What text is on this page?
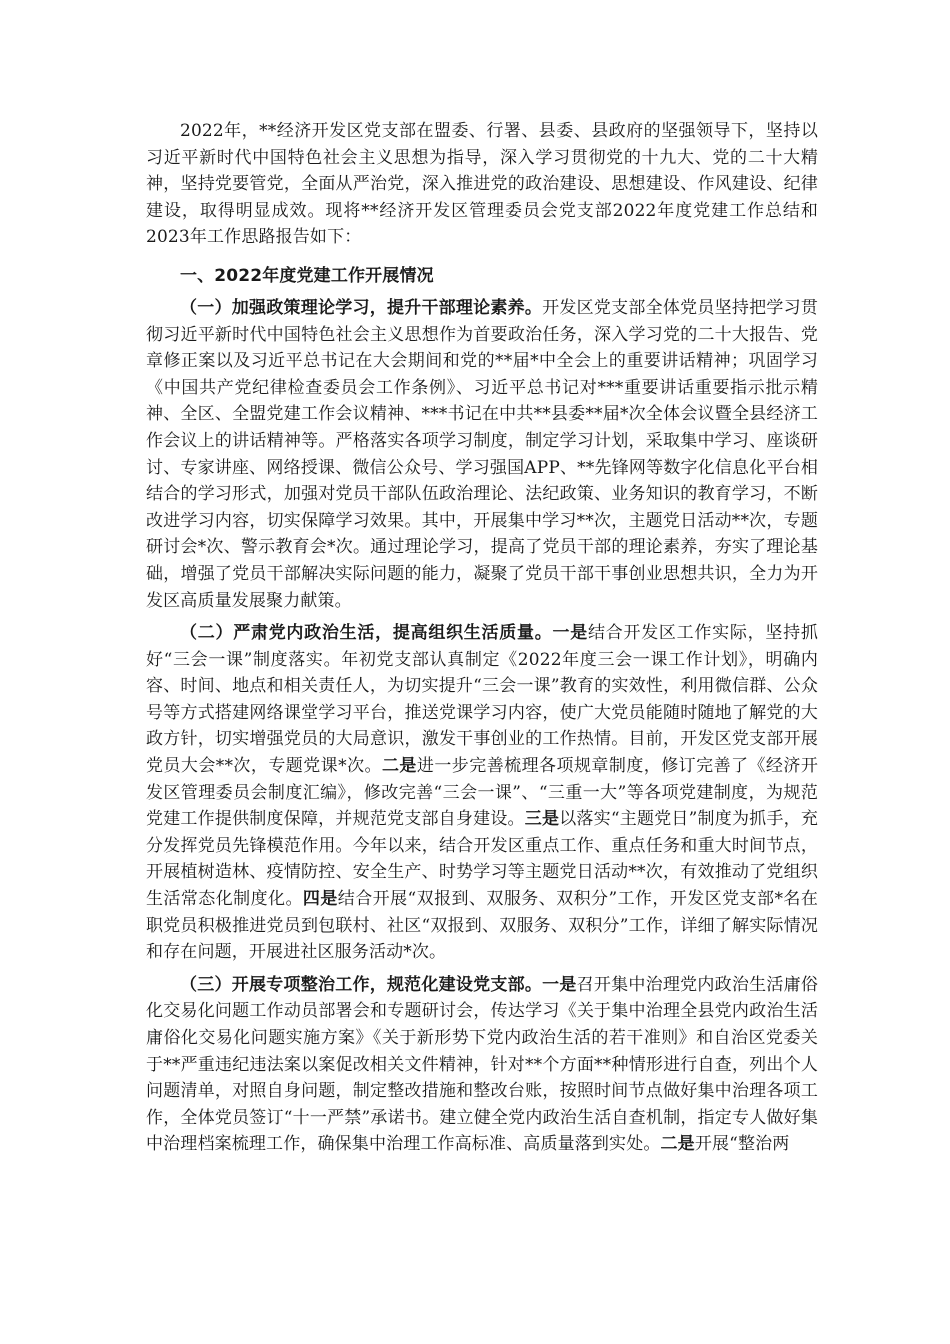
2022年，**经济开发区党支部在盟委、行署、县委、县政府的坚强领导下，坚持以习近平新时代中国特色社会主义思想为指导，深入学习贯彻党的十九大、党的二十大精神，坚持党要管党，全面从严治党，深入推进党的政治建设、思想建设、作风建设、纪律建设，取得明显成效。现将**经济开发区管理委员会党支部2022年度党建工作总结和2023年工作思路报告如下：

一、2022年度党建工作开展情况

（一）加强政策理论学习，提升干部理论素养。开发区党支部全体党员坚持把学习贯彻习近平新时代中国特色社会主义思想作为首要政治任务，深入学习党的二十大报告、党章修正案以及习近平总书记在大会期间和党的**届*中全会上的重要讲话精神；巩固学习《中国共产党纪律检查委员会工作条例》、习近平总书记对***重要讲话重要指示批示精神、全区、全盟党建工作会议精神、***书记在中共**县委**届*次全体会议暨全县经济工作会议上的讲话精神等。严格落实各项学习制度，制定学习计划，采取集中学习、座谈研讨、专家讲座、网络授课、微信公众号、学习强国APP、**先锋网等数字化信息化平台相结合的学习形式，加强对党员干部队伍政治理论、法纪政策、业务知识的教育学习，不断改进学习内容，切实保障学习效果。其中，开展集中学习**次，主题党日活动**次，专题研讨会*次、警示教育会*次。通过理论学习，提高了党员干部的理论素养，夯实了理论基础，增强了党员干部解决实际问题的能力，凝聚了党员干部干事创业思想共识，全力为开发区高质量发展聚力献策。

（二）严肃党内政治生活，提高组织生活质量。一是结合开发区工作实际，坚持抓好“三会一课”制度落实。年初党支部认真制定《2022年度三会一课工作计划》，明确内容、时间、地点和相关责任人，为切实提升“三会一课”教育的实效性，利用微信群、公众号等方式搭建网络课堂学习平台，推送党课学习内容，使广大党员能随时随地了解党的大政方针，切实增强党员的大局意识，激发干事创业的工作热情。目前，开发区党支部开展党员大会**次，专题党课*次。二是进一步完善梳理各项规章制度，修订完善了《经济开发区管理委员会制度汇编》，修改完善“三会一课”、“三重一大”等各项党建制度，为规范党建工作提供制度保障，并规范党支部自身建设。三是以落实“主题党日”制度为抓手，充分发挥党员先锋模范作用。今年以来，结合开发区重点工作、重点任务和重大时间节点，开展植树造林、疫情防控、安全生产、时势学习等主题党日活动**次，有效推动了党组织生活常态化制度化。四是结合开展“双报到、双服务、双积分”工作，开发区党支部*名在职党员积极推进党员到包联村、社区“双报到、双服务、双积分”工作，详细了解实际情况和存在问题，开展进社区服务活动*次。

（三）开展专项整治工作，规范化建设党支部。一是召开集中治理党内政治生活庸俗化交易化问题工作动员部署会和专题研讨会，传达学习《关于集中治理全县党内政治生活庸俗化交易化问题实施方案》《关于新形势下党内政治生活的若干准则》和自治区党委关于**严重违纪违法案以案促改相关文件精神，针对**个方面**种情形进行自查，列出个人问题清单，对照自身问题，制定整改措施和整改台账，按照时间节点做好集中治理各项工作，全体党员签订“十一严禁”承诺书。建立健全党内政治生活自查机制，指定专人做好集中治理档案梳理工作，确保集中治理工作高标准、高质量落到实处。二是开展“整治两
